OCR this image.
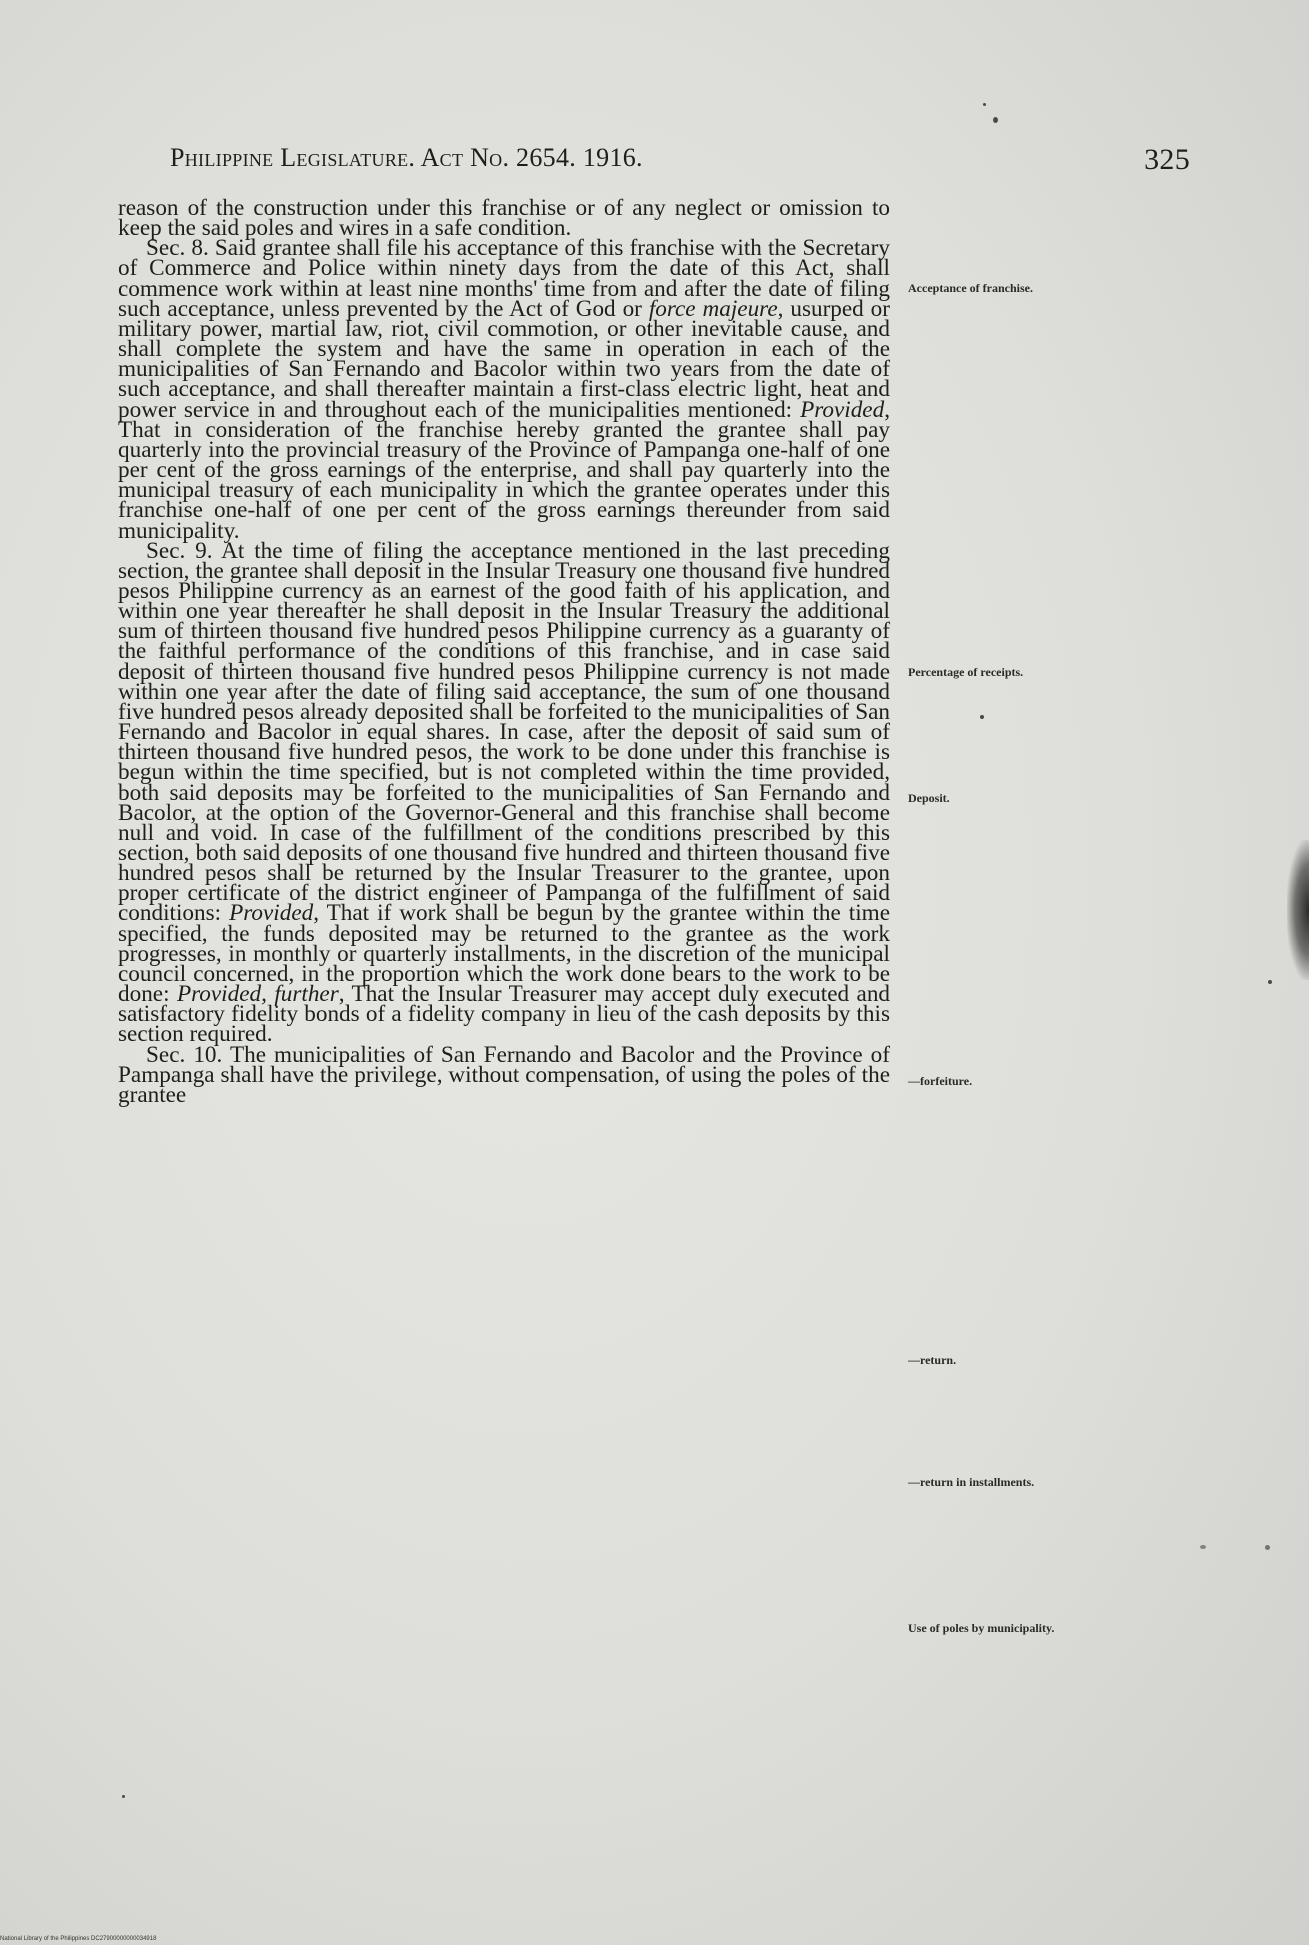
Philippine Legislature. Act No. 2654. 1916.	325

reason of the construction under this franchise or of any neglect or omission to keep the said poles and wires in a safe condition.

Sec. 8. Said grantee shall file his acceptance of this franchise with the Secretary of Commerce and Police within ninety days from the date of this Act, shall commence work within at least nine months' time from and after the date of filing such acceptance, unless prevented by the Act of God or force majeure, usurped or military power, martial law, riot, civil commotion, or other inevitable cause, and shall complete the system and have the same in operation in each of the municipalities of San Fernando and Bacolor within two years from the date of such acceptance, and shall thereafter maintain a first-class electric light, heat and power service in and throughout each of the municipalities mentioned: Provided, That in consideration of the franchise hereby granted the grantee shall pay quarterly into the provincial treasury of the Province of Pampanga one-half of one per cent of the gross earnings of the enterprise, and shall pay quarterly into the municipal treasury of each municipality in which the grantee operates under this franchise one-half of one per cent of the gross earnings thereunder from said municipality.

Sec. 9. At the time of filing the acceptance mentioned in the last preceding section, the grantee shall deposit in the Insular Treasury one thousand five hundred pesos Philippine currency as an earnest of the good faith of his application, and within one year thereafter he shall deposit in the Insular Treasury the additional sum of thirteen thousand five hundred pesos Philippine currency as a guaranty of the faithful performance of the conditions of this franchise, and in case said deposit of thirteen thousand five hundred pesos Philippine currency is not made within one year after the date of filing said acceptance, the sum of one thousand five hundred pesos already deposited shall be forfeited to the municipalities of San Fernando and Bacolor in equal shares. In case, after the deposit of said sum of thirteen thousand five hundred pesos, the work to be done under this franchise is begun within the time specified, but is not completed within the time provided, both said deposits may be forfeited to the municipalities of San Fernando and Bacolor, at the option of the Governor-General and this franchise shall become null and void. In case of the fulfillment of the conditions prescribed by this section, both said deposits of one thousand five hundred and thirteen thousand five hundred pesos shall be returned by the Insular Treasurer to the grantee, upon proper certificate of the district engineer of Pampanga of the fulfillment of said conditions: Provided, That if work shall be begun by the grantee within the time specified, the funds deposited may be returned to the grantee as the work progresses, in monthly or quarterly installments, in the discretion of the municipal council concerned, in the proportion which the work done bears to the work to be done: Provided, further, That the Insular Treasurer may accept duly executed and satisfactory fidelity bonds of a fidelity company in lieu of the cash deposits by this section required.

Sec. 10. The municipalities of San Fernando and Bacolor and the Province of Pampanga shall have the privilege, without compensation, of using the poles of the grantee

Acceptance of franchise.
Percentage of receipts.
Deposit.
—forfeiture.
—return.
—return in installments.
Use of poles by municipality.
National Library of the Philippines DC27900000000034918
